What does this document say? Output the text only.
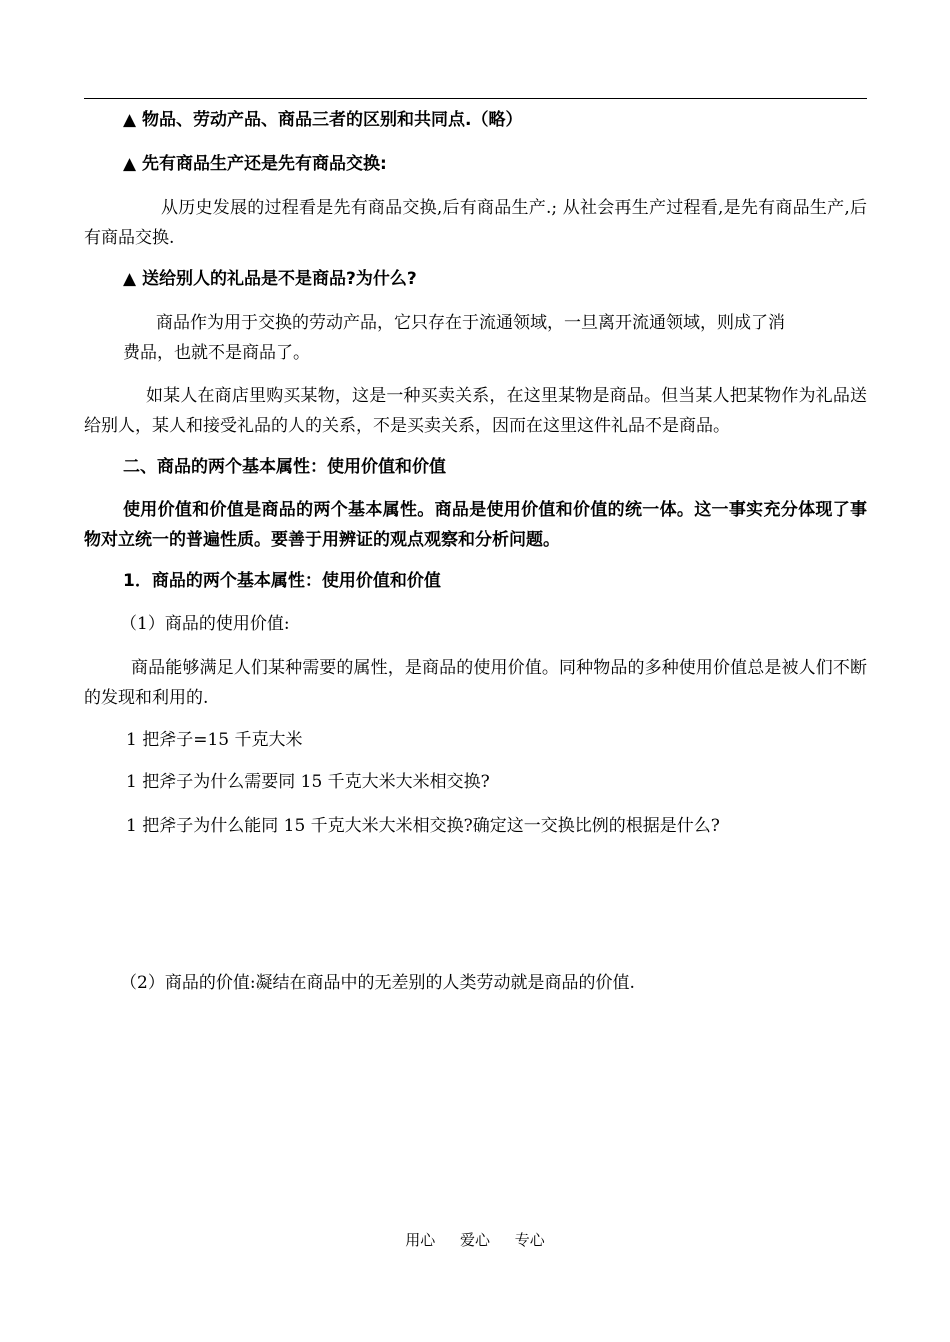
▲ 物品、劳动产品、商品三者的区别和共同点.（略）
▲ 先有商品生产还是先有商品交换:
从历史发展的过程看是先有商品交换,后有商品生产.; 从社会再生产过程看,是先有商品生产,后有商品交换.
▲ 送给别人的礼品是不是商品?为什么?
商品作为用于交换的劳动产品，它只存在于流通领域，一旦离开流通领域，则成了消
费品，也就不是商品了。
如某人在商店里购买某物，这是一种买卖关系，在这里某物是商品。但当某人把某物作为礼品送给别人，某人和接受礼品的人的关系，不是买卖关系，因而在这里这件礼品不是商品。
二、商品的两个基本属性：使用价值和价值
使用价值和价值是商品的两个基本属性。商品是使用价值和价值的统一体。这一事实充分体现了事物对立统一的普遍性质。要善于用辨证的观点观察和分析问题。
1．商品的两个基本属性：使用价值和价值
（1）商品的使用价值:
商品能够满足人们某种需要的属性，是商品的使用价值。同种物品的多种使用价值总是被人们不断的发现和利用的.
1 把斧子=15 千克大米
1 把斧子为什么需要同 15 千克大米大米相交换?
1 把斧子为什么能同 15 千克大米大米相交换?确定这一交换比例的根据是什么?
（2）商品的价值:凝结在商品中的无差别的人类劳动就是商品的价值.
用心 爱心 专心
